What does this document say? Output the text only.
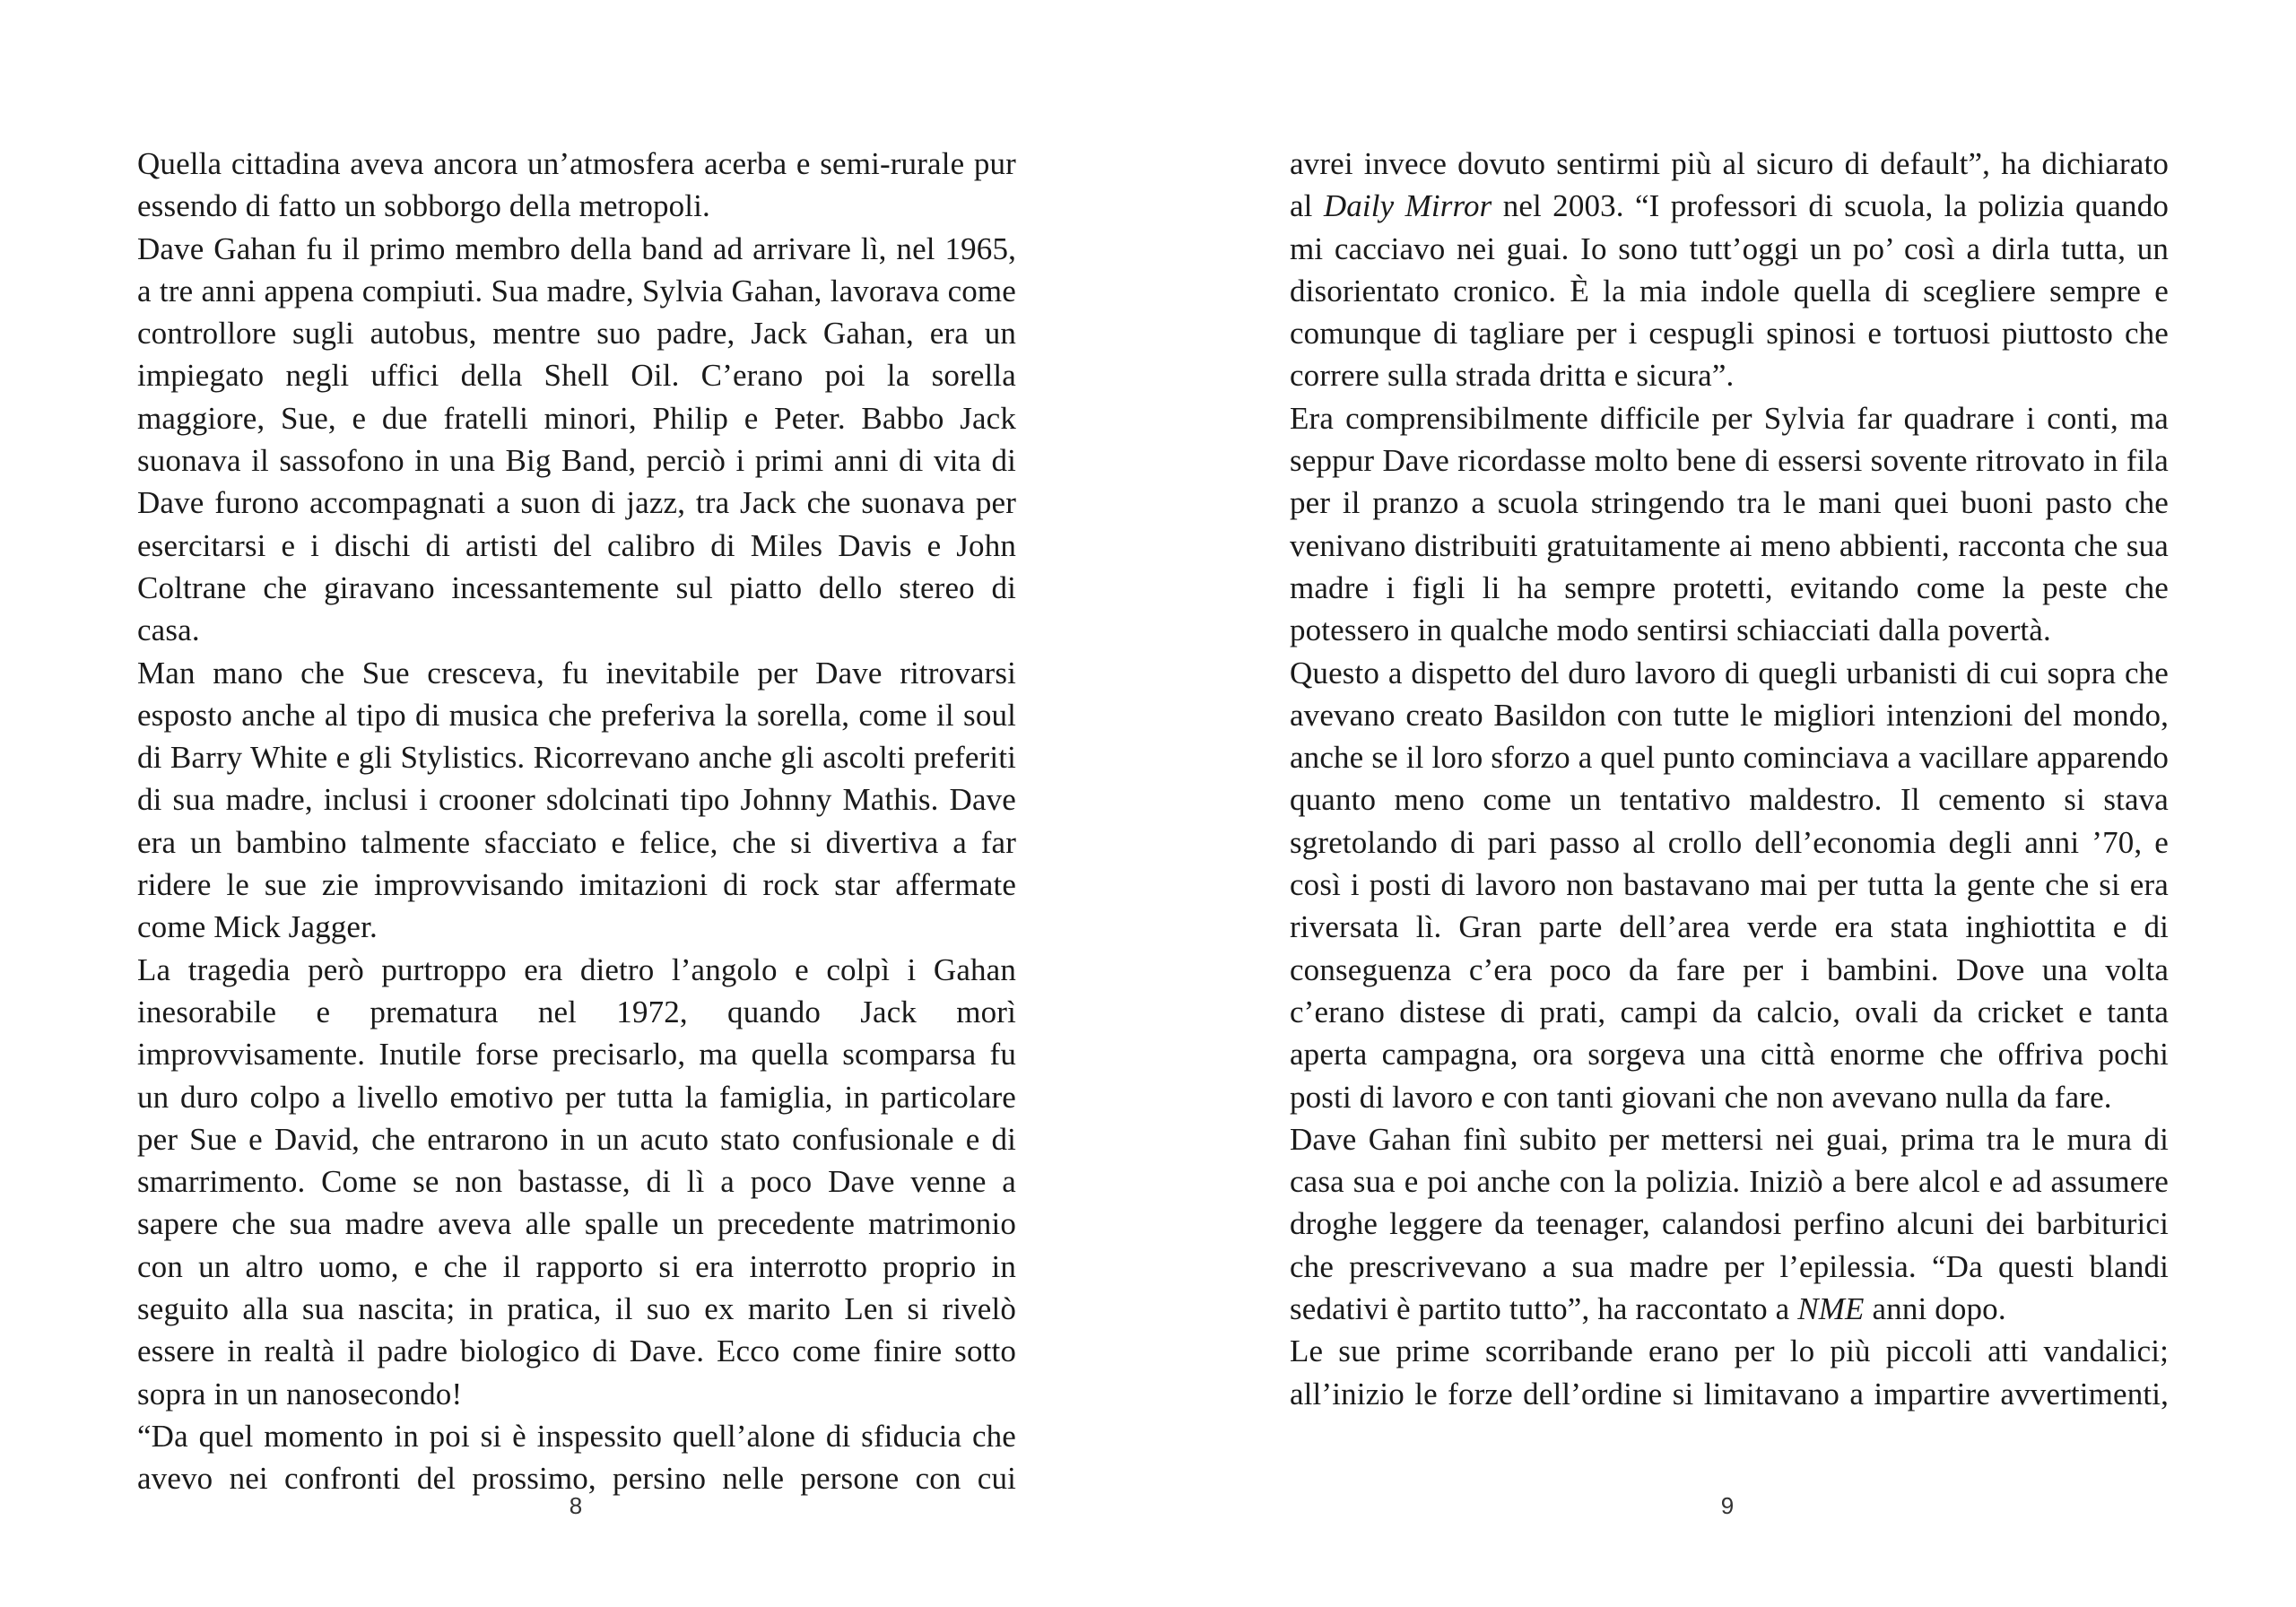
Quella cittadina aveva ancora un’atmosfera acerba e semi-rurale pur essendo di fatto un sobborgo della metropoli.

Dave Gahan fu il primo membro della band ad arrivare lì, nel 1965, a tre anni appena compiuti. Sua madre, Sylvia Gahan, lavorava come controllore sugli autobus, mentre suo padre, Jack Gahan, era un impiegato negli uffici della Shell Oil. C’erano poi la sorella maggiore, Sue, e due fratelli minori, Philip e Peter. Babbo Jack suonava il sassofono in una Big Band, perciò i primi anni di vita di Dave furono accompagnati a suon di jazz, tra Jack che suonava per esercitarsi e i dischi di artisti del calibro di Miles Davis e John Coltrane che giravano incessantemente sul piatto dello stereo di casa.

Man mano che Sue cresceva, fu inevitabile per Dave ritrovarsi esposto anche al tipo di musica che preferiva la sorella, come il soul di Barry White e gli Stylistics. Ricorrevano anche gli ascolti preferiti di sua madre, inclusi i crooner sdolcinati tipo Johnny Mathis. Dave era un bambino talmente sfacciato e felice, che si divertiva a far ridere le sue zie improvvisando imitazioni di rock star affermate come Mick Jagger.

La tragedia però purtroppo era dietro l’angolo e colpì i Gahan inesorabile e prematura nel 1972, quando Jack morì improvvisamente. Inutile forse precisarlo, ma quella scomparsa fu un duro colpo a livello emotivo per tutta la famiglia, in particolare per Sue e David, che entrarono in un acuto stato confusionale e di smarrimento. Come se non bastasse, di lì a poco Dave venne a sapere che sua madre aveva alle spalle un precedente matrimonio con un altro uomo, e che il rapporto si era interrotto proprio in seguito alla sua nascita; in pratica, il suo ex marito Len si rivelò essere in realtà il padre biologico di Dave. Ecco come finire sotto sopra in un nanosecondo!

“Da quel momento in poi si è inspessito quell’alone di sfiducia che avevo nei confronti del prossimo, persino nelle persone con cui

8

avrei invece dovuto sentirmi più al sicuro di default”, ha dichiarato al Daily Mirror nel 2003. “I professori di scuola, la polizia quando mi cacciavo nei guai. Io sono tutt’oggi un po’ così a dirla tutta, un disorientato cronico. È la mia indole quella di scegliere sempre e comunque di tagliare per i cespugli spinosi e tortuosi piuttosto che correre sulla strada dritta e sicura”.

Era comprensibilmente difficile per Sylvia far quadrare i conti, ma seppur Dave ricordasse molto bene di essersi sovente ritrovato in fila per il pranzo a scuola stringendo tra le mani quei buoni pasto che venivano distribuiti gratuitamente ai meno abbienti, racconta che sua madre i figli li ha sempre protetti, evitando come la peste che potessero in qualche modo sentirsi schiacciati dalla povertà.

Questo a dispetto del duro lavoro di quegli urbanisti di cui sopra che avevano creato Basildon con tutte le migliori intenzioni del mondo, anche se il loro sforzo a quel punto cominciava a vacillare apparendo quanto meno come un tentativo maldestro. Il cemento si stava sgretolando di pari passo al crollo dell’economia degli anni ’70, e così i posti di lavoro non bastavano mai per tutta la gente che si era riversata lì. Gran parte dell’area verde era stata inghiottita e di conseguenza c’era poco da fare per i bambini. Dove una volta c’erano distese di prati, campi da calcio, ovali da cricket e tanta aperta campagna, ora sorgeva una città enorme che offriva pochi posti di lavoro e con tanti giovani che non avevano nulla da fare.

Dave Gahan finì subito per mettersi nei guai, prima tra le mura di casa sua e poi anche con la polizia. Iniziò a bere alcol e ad assumere droghe leggere da teenager, calandosi perfino alcuni dei barbiturici che prescrivevano a sua madre per l’epilessia. “Da questi blandi sedativi è partito tutto”, ha raccontato a NME anni dopo.

Le sue prime scorribande erano per lo più piccoli atti vandalici; all’inizio le forze dell’ordine si limitavano a impartire avvertimenti,

9
